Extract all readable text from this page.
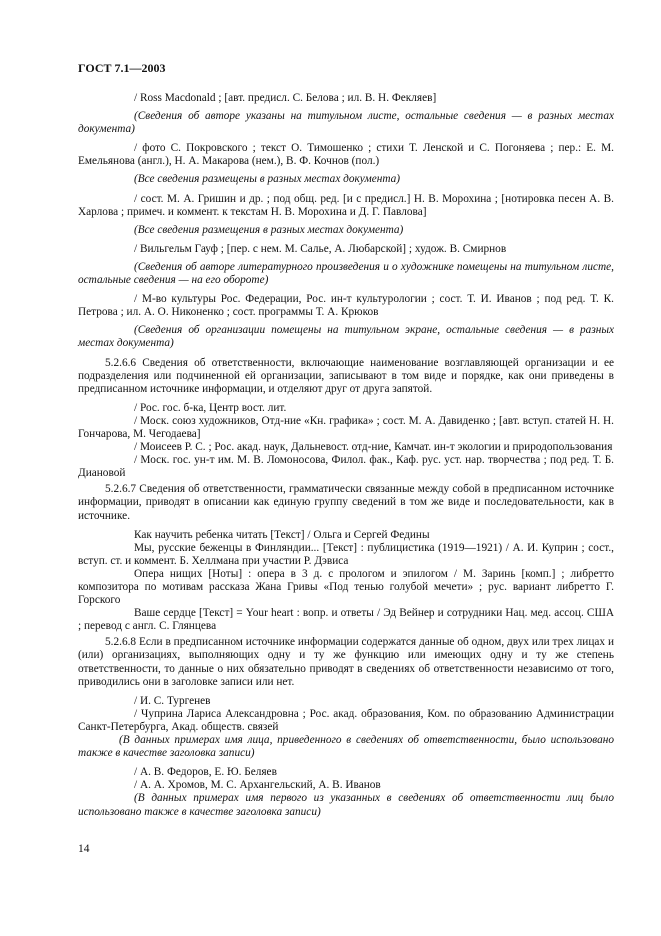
ГОСТ 7.1—2003

/ Ross Macdonald ; [авт. предисл. С. Белова ; ил. В. Н. Фекляев]

(Сведения об авторе указаны на титульном листе, остальные сведения — в разных местах документа)

/ фото С. Покровского ; текст О. Тимошенко ; стихи Т. Ленской и С. Погоняева ; пер.: Е. М. Емельянова (англ.), Н. А. Макарова (нем.), В. Ф. Кочнов (пол.)

(Все сведения размещены в разных местах документа)

/ сост. М. А. Гришин и др. ; под общ. ред. [и с предисл.] Н. В. Морохина ; [нотировка песен А. В. Харлова ; примеч. и коммент. к текстам Н. В. Морохина и Д. Г. Павлова]

(Все сведения размещения в разных местах документа)

/ Вильгельм Гауф ; [пер. с нем. М. Салье, А. Любарской] ; худож. В. Смирнов

(Сведения об авторе литературного произведения и о художнике помещены на титульном листе, остальные сведения — на его обороте)

/ М-во культуры Рос. Федерации, Рос. ин-т культурологии ; сост. Т. И. Иванов ; под ред. Т. К. Петрова ; ил. А. О. Никоненко ; сост. программы Т. А. Крюков

(Сведения об организации помещены на титульном экране, остальные сведения — в разных местах документа)

5.2.6.6 Сведения об ответственности, включающие наименование возглавляющей организации и ее подразделения или подчиненной ей организации, записывают в том виде и порядке, как они приведены в предписанном источнике информации, и отделяют друг от друга запятой.

/ Рос. гос. б-ка, Центр вост. лит.

/ Моск. союз художников, Отд-ние «Кн. графика» ; сост. М. А. Давиденко ; [авт. вступ. статей Н. Н. Гончарова, М. Чегодаева]

/ Моисеев Р. С. ; Рос. акад. наук, Дальневост. отд-ние, Камчат. ин-т экологии и природопользования

/ Моск. гос. ун-т им. М. В. Ломоносова, Филол. фак., Каф. рус. уст. нар. творчества ; под ред. Т. Б. Диановой

5.2.6.7 Сведения об ответственности, грамматически связанные между собой в предписанном источнике информации, приводят в описании как единую группу сведений в том же виде и последовательности, как в источнике.

Как научить ребенка читать [Текст] / Ольга и Сергей Федины

Мы, русские беженцы в Финляндии... [Текст] : публицистика (1919—1921) / А. И. Куприн ; сост., вступ. ст. и коммент. Б. Хеллмана при участии Р. Дэвиса

Опера нищих [Ноты] : опера в 3 д. с прологом и эпилогом / М. Заринь [комп.] ; либретто композитора по мотивам рассказа Жана Гривы «Под тенью голубой мечети» ; рус. вариант либретто Г. Горского

Ваше сердце [Текст] = Your heart : вопр. и ответы / Эд Вейнер и сотрудники Нац. мед. ассоц. США ; перевод с англ. С. Глянцева

5.2.6.8 Если в предписанном источнике информации содержатся данные об одном, двух или трех лицах и (или) организациях, выполняющих одну и ту же функцию или имеющих одну и ту же степень ответственности, то данные о них обязательно приводят в сведениях об ответственности независимо от того, приводились они в заголовке записи или нет.

/ И. С. Тургенев

/ Чуприна Лариса Александровна ; Рос. акад. образования, Ком. по образованию Администрации Санкт-Петербурга, Акад. обществ. связей

(В данных примерах имя лица, приведенного в сведениях об ответственности, было использовано также в качестве заголовка записи)

/ А. В. Федоров, Е. Ю. Беляев

/ А. А. Хромов, М. С. Архангельский, А. В. Иванов

(В данных примерах имя первого из указанных в сведениях об ответственности лиц было использовано также в качестве заголовка записи)

14
